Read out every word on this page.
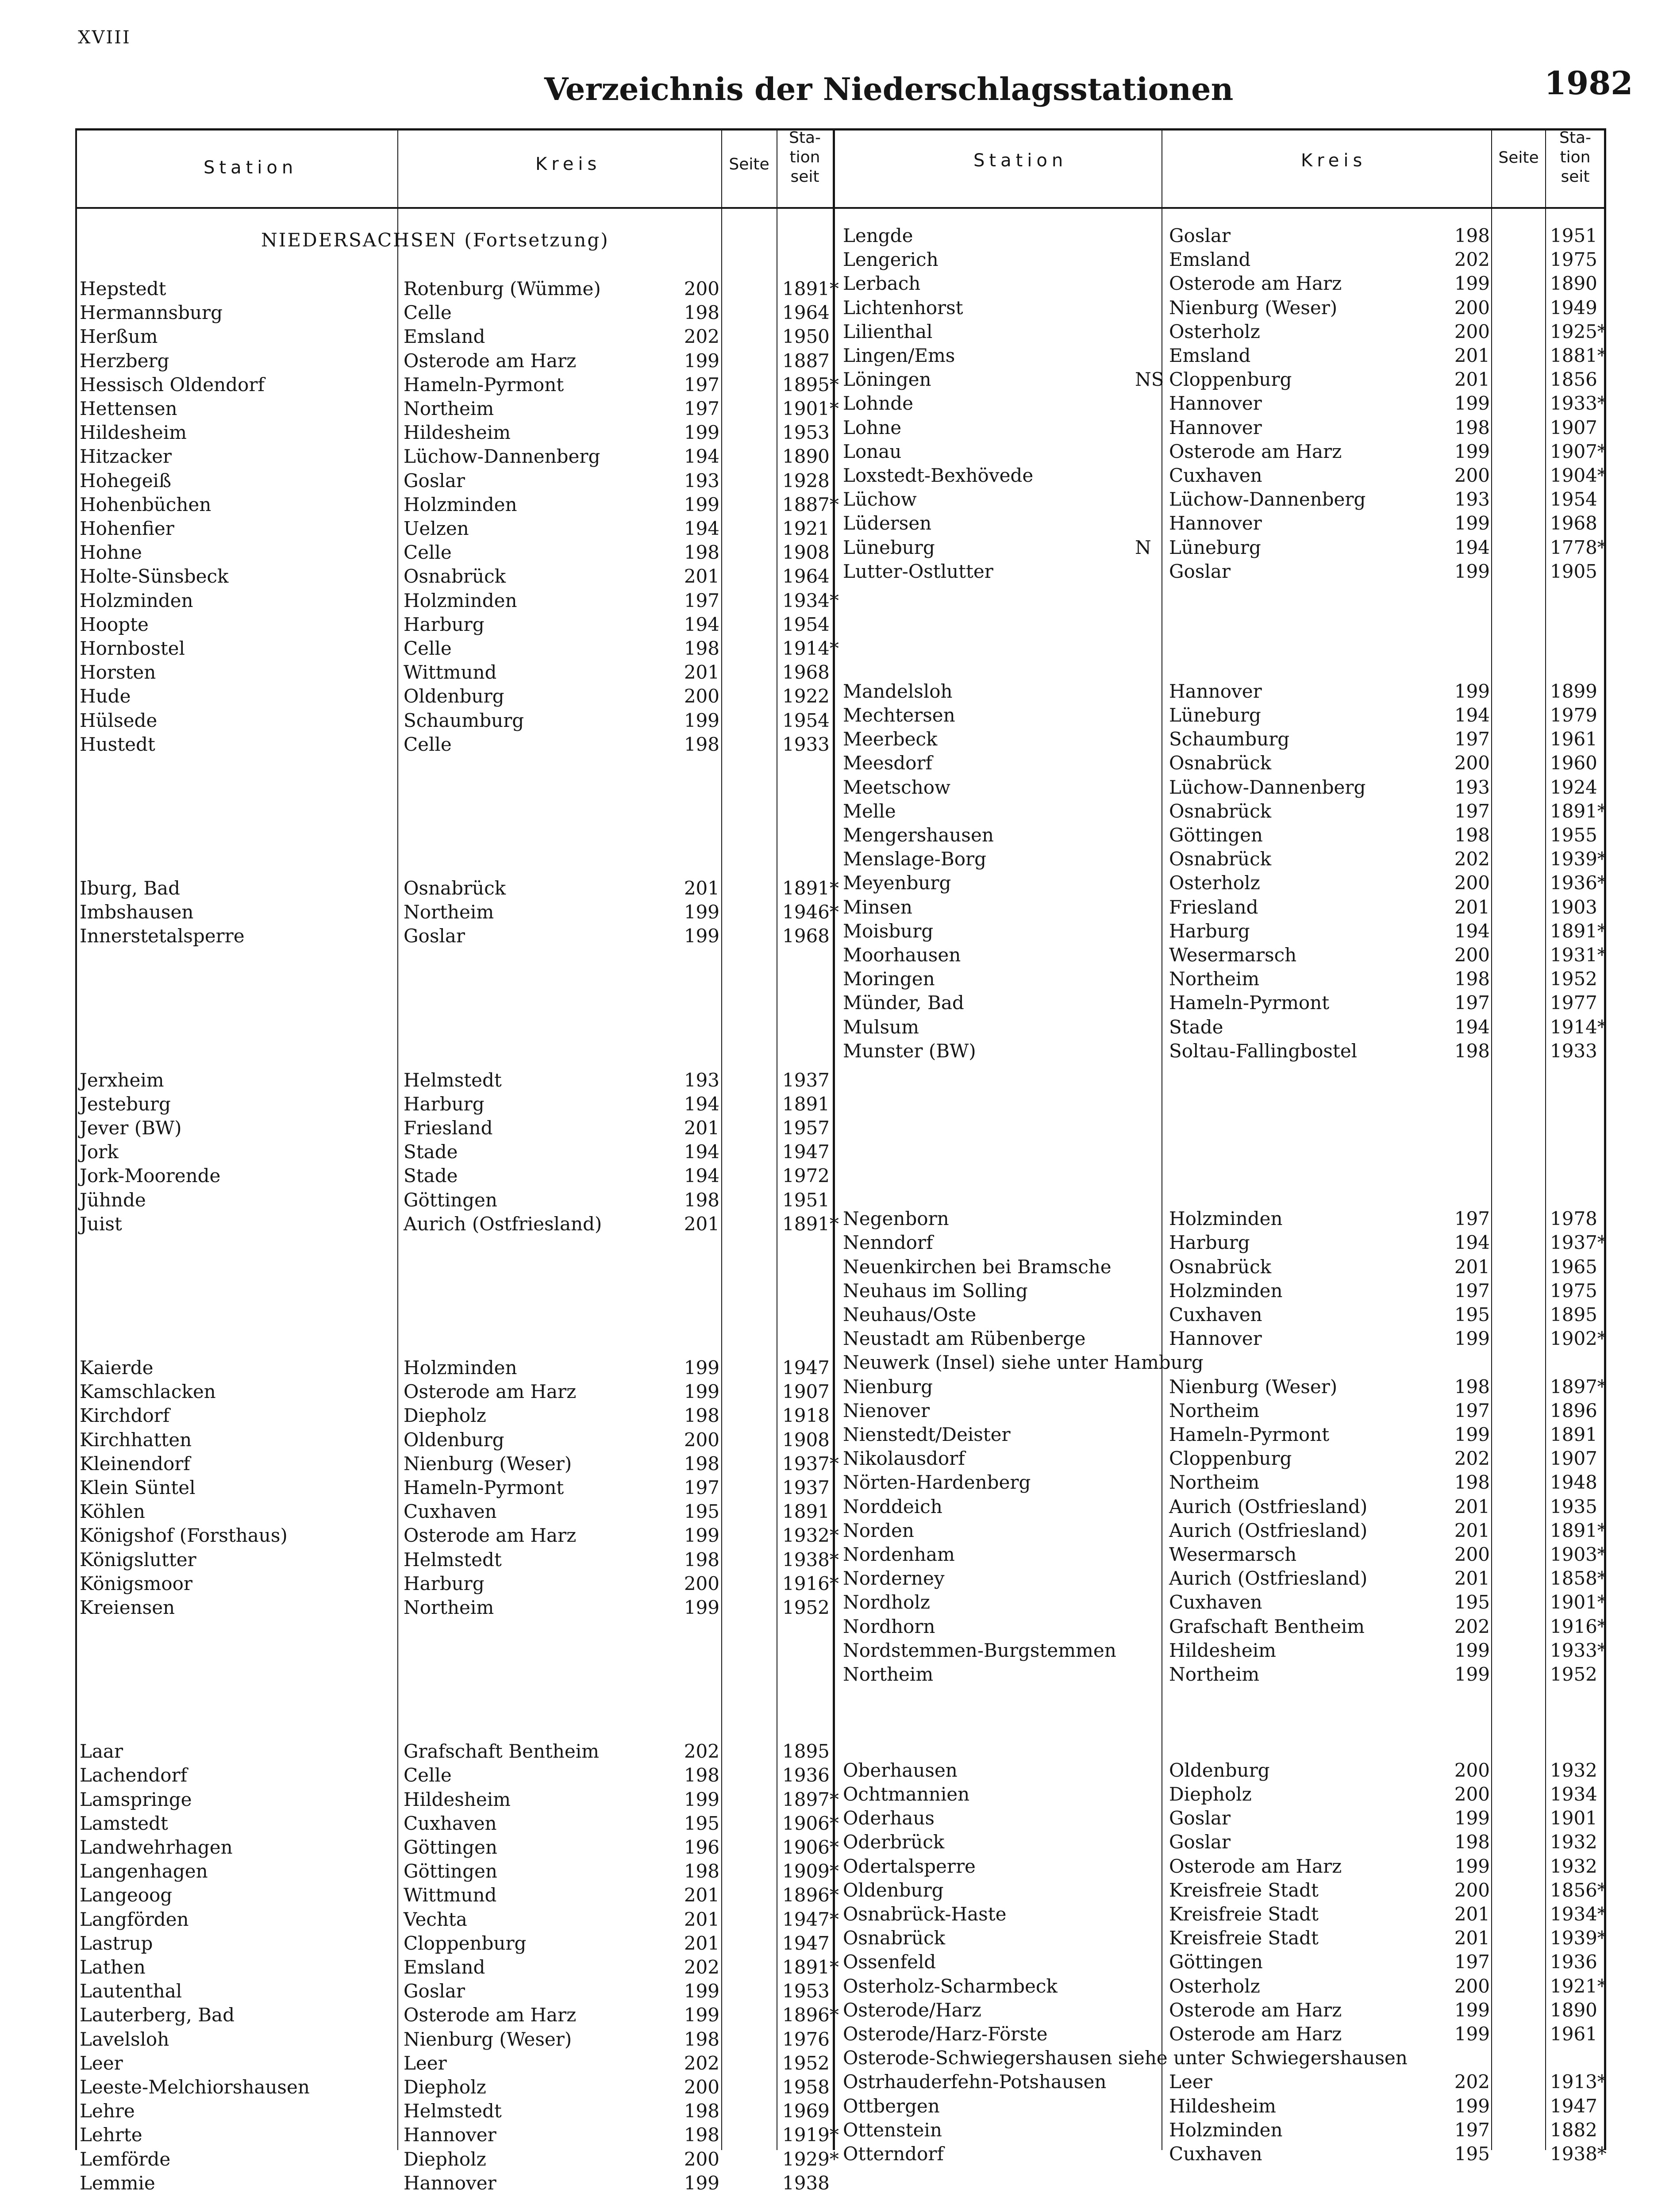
XVIII
Verzeichnis der Niederschlagsstationen	1982
Station	Kreis	Seite
Sta-
tion
seit
Station	Kreis	Seite
Sta-
tion
seit
NIEDERSACHSEN (Fortsetzung)
Hepstedt	Rotenburg (Wümme)	200	1891*
Hermannsburg	Celle	198	1964
Herßum	Emsland	202	1950
Herzberg	Osterode am Harz	199	1887
Hessisch Oldendorf	Hameln-Pyrmont	197	1895*
Hettensen	Northeim	197	1901*
Hildesheim	Hildesheim	199	1953
Hitzacker	Lüchow-Dannenberg	194	1890
Hohegeiß	Goslar	193	1928
Hohenbüchen	Holzminden	199	1887*
Hohenfier	Uelzen	194	1921
Hohne	Celle	198	1908
Holte-Sünsbeck	Osnabrück	201	1964
Holzminden	Holzminden	197	1934*
Hoopte	Harburg	194	1954
Hornbostel	Celle	198	1914*
Horsten	Wittmund	201	1968
Hude	Oldenburg	200	1922
Hülsede	Schaumburg	199	1954
Hustedt	Celle	198	1933
Iburg, Bad	Osnabrück	201	1891*
Imbshausen	Northeim	199	1946*
Innerstetalsperre	Goslar	199	1968
Jerxheim	Helmstedt	193	1937
Jesteburg	Harburg	194	1891
Jever (BW)	Friesland	201	1957
Jork	Stade	194	1947
Jork-Moorende	Stade	194	1972
Jühnde	Göttingen	198	1951
Juist	Aurich (Ostfriesland)	201	1891*
Kaierde	Holzminden	199	1947
Kamschlacken	Osterode am Harz	199	1907
Kirchdorf	Diepholz	198	1918
Kirchhatten	Oldenburg	200	1908
Kleinendorf	Nienburg (Weser)	198	1937*
Klein Süntel	Hameln-Pyrmont	197	1937
Köhlen	Cuxhaven	195	1891
Königshof (Forsthaus)	Osterode am Harz	199	1932*
Königslutter	Helmstedt	198	1938*
Königsmoor	Harburg	200	1916*
Kreiensen	Northeim	199	1952
Laar	Grafschaft Bentheim	202	1895
Lachendorf	Celle	198	1936
Lamspringe	Hildesheim	199	1897*
Lamstedt	Cuxhaven	195	1906*
Landwehrhagen	Göttingen	196	1906*
Langenhagen	Göttingen	198	1909*
Langeoog	Wittmund	201	1896*
Langförden	Vechta	201	1947*
Lastrup	Cloppenburg	201	1947
Lathen	Emsland	202	1891*
Lautenthal	Goslar	199	1953
Lauterberg, Bad	Osterode am Harz	199	1896*
Lavelsloh	Nienburg (Weser)	198	1976
Leer	Leer	202	1952
Leeste-Melchiorshausen	Diepholz	200	1958
Lehre	Helmstedt	198	1969
Lehrte	Hannover	198	1919*
Lemförde	Diepholz	200	1929*
Lemmie	Hannover	199	1938
Lengde	Goslar	198	1951
Lengerich	Emsland	202	1975
Lerbach	Osterode am Harz	199	1890
Lichtenhorst	Nienburg (Weser)	200	1949
Lilienthal	Osterholz	200	1925*
Lingen/Ems	Emsland	201	1881*
Löningen	NS Cloppenburg	201	1856
Lohnde	Hannover	199	1933*
Lohne	Hannover	198	1907
Lonau	Osterode am Harz	199	1907*
Loxstedt-Bexhövede	Cuxhaven	200	1904*
Lüchow	Lüchow-Dannenberg	193	1954
Lüdersen	Hannover	199	1968
Lüneburg	N Lüneburg	194	1778*
Lutter-Ostlutter	Goslar	199	1905
Mandelsloh	Hannover	199	1899
Mechtersen	Lüneburg	194	1979
Meerbeck	Schaumburg	197	1961
Meesdorf	Osnabrück	200	1960
Meetschow	Lüchow-Dannenberg	193	1924
Melle	Osnabrück	197	1891*
Mengershausen	Göttingen	198	1955
Menslage-Borg	Osnabrück	202	1939*
Meyenburg	Osterholz	200	1936*
Minsen	Friesland	201	1903
Moisburg	Harburg	194	1891*
Moorhausen	Wesermarsch	200	1931*
Moringen	Northeim	198	1952
Münder, Bad	Hameln-Pyrmont	197	1977
Mulsum	Stade	194	1914*
Munster (BW)	Soltau-Fallingbostel	198	1933
Negenborn	Holzminden	197	1978
Nenndorf	Harburg	194	1937*
Neuenkirchen bei Bramsche	Osnabrück	201	1965
Neuhaus im Solling	Holzminden	197	1975
Neuhaus/Oste	Cuxhaven	195	1895
Neustadt am Rübenberge	Hannover	199	1902*
Neuwerk (Insel) siehe unter Hamburg
Nienburg	Nienburg (Weser)	198	1897*
Nienover	Northeim	197	1896
Nienstedt/Deister	Hameln-Pyrmont	199	1891
Nikolausdorf	Cloppenburg	202	1907
Nörten-Hardenberg	Northeim	198	1948
Norddeich	Aurich (Ostfriesland)	201	1935
Norden	Aurich (Ostfriesland)	201	1891*
Nordenham	Wesermarsch	200	1903*
Norderney	Aurich (Ostfriesland)	201	1858*
Nordholz	Cuxhaven	195	1901*
Nordhorn	Grafschaft Bentheim	202	1916*
Nordstemmen-Burgstemmen	Hildesheim	199	1933*
Northeim	Northeim	199	1952
Oberhausen	Oldenburg	200	1932
Ochtmannien	Diepholz	200	1934
Oderhaus	Goslar	199	1901
Oderbrück	Goslar	198	1932
Odertalsperre	Osterode am Harz	199	1932
Oldenburg	Kreisfreie Stadt	200	1856*
Osnabrück-Haste	Kreisfreie Stadt	201	1934*
Osnabrück	Kreisfreie Stadt	201	1939*
Ossenfeld	Göttingen	197	1936
Osterholz-Scharmbeck	Osterholz	200	1921*
Osterode/Harz	Osterode am Harz	199	1890
Osterode/Harz-Förste	Osterode am Harz	199	1961
Osterode-Schwiegershausen siehe unter Schwiegershausen
Ostrhauderfehn-Potshausen	Leer	202	1913*
Ottbergen	Hildesheim	199	1947
Ottenstein	Holzminden	197	1882
Otterndorf	Cuxhaven	195	1938*
